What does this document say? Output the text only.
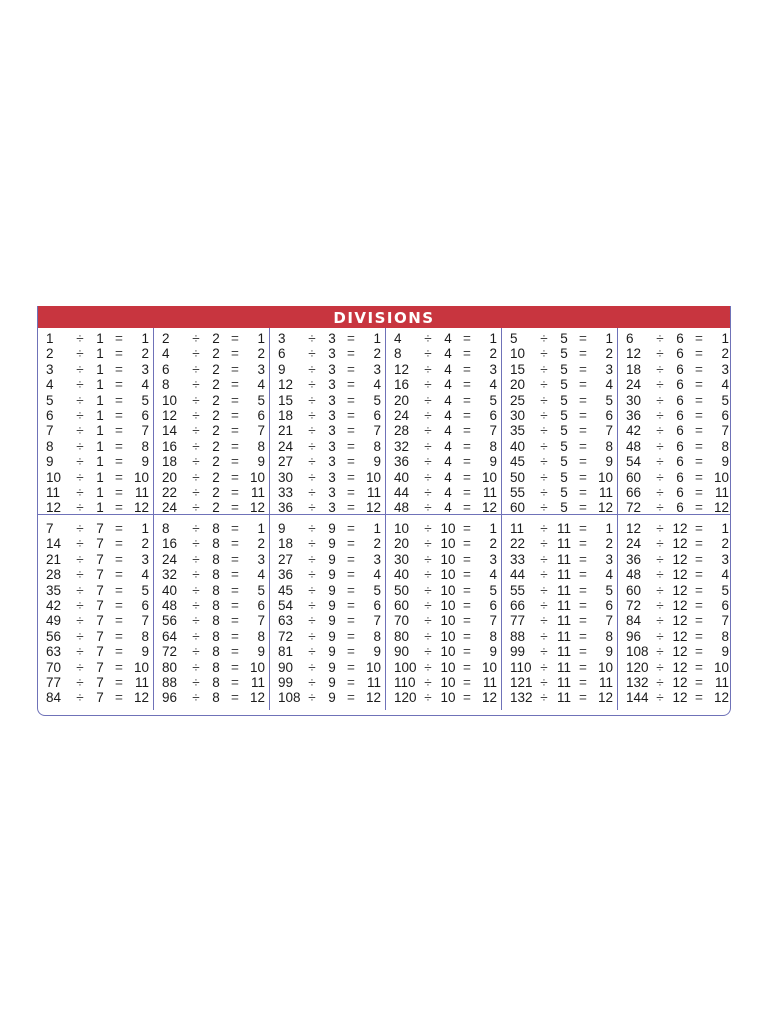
DIVISIONS
1	÷ 1 =	1
2	÷ 1 =	2
3	÷ 1 =	3
4	÷ 1 =	4
5	÷ 1 =	5
6	÷ 1 =	6
7	÷ 1 =	7
8	÷ 1 =	8
9	÷ 1 =	9
10	÷ 1 = 10
11	÷ 1 = 11
12	÷ 1 = 12
2	÷ 2 =	1
4	÷ 2 =	2
6	÷ 2 =	3
8	÷ 2 =	4
10	÷ 2 =	5
12	÷ 2 =	6
14	÷ 2 =	7
16	÷ 2 =	8
18	÷ 2 =	9
20	÷ 2 = 10
22	÷ 2 = 11
24	÷ 2 = 12
3	÷ 3 =	1
6	÷ 3 =	2
9	÷ 3 =	3
12	÷ 3 =	4
15	÷ 3 =	5
18	÷ 3 =	6
21	÷ 3 =	7
24	÷ 3 =	8
27	÷ 3 =	9
30	÷ 3 = 10
33	÷ 3 = 11
36	÷ 3 = 12
4	÷ 4 =	1
8	÷ 4 =	2
12	÷ 4 =	3
16	÷ 4 =	4
20	÷ 4 =	5
24	÷ 4 =	6
28	÷ 4 =	7
32	÷ 4 =	8
36	÷ 4 =	9
40	÷ 4 = 10
44	÷ 4 = 11
48	÷ 4 = 12
5	÷ 5 =	1
10	÷ 5 =	2
15	÷ 5 =	3
20	÷ 5 =	4
25	÷ 5 =	5
30	÷ 5 =	6
35	÷ 5 =	7
40	÷ 5 =	8
45	÷ 5 =	9
50	÷ 5 = 10
55	÷ 5 = 11
60	÷ 5 = 12
6	÷ 6 =	1
12	÷ 6 =	2
18	÷ 6 =	3
24	÷ 6 =	4
30	÷ 6 =	5
36	÷ 6 =	6
42	÷ 6 =	7
48	÷ 6 =	8
54	÷ 6 =	9
60	÷ 6 = 10
66	÷ 6 = 11
72	÷ 6 = 12
7	÷ 7 =	1
14	÷ 7 =	2
21	÷ 7 =	3
28	÷ 7 =	4
35	÷ 7 =	5
42	÷ 7 =	6
49	÷ 7 =	7
56	÷ 7 =	8
63	÷ 7 =	9
70	÷ 7 = 10
77	÷ 7 = 11
84	÷ 7 = 12
8	÷ 8 =	1
16	÷ 8 =	2
24	÷ 8 =	3
32	÷ 8 =	4
40	÷ 8 =	5
48	÷ 8 =	6
56	÷ 8 =	7
64	÷ 8 =	8
72	÷ 8 =	9
80	÷ 8 = 10
88	÷ 8 = 11
96	÷ 8 = 12
9	÷ 9 =	1
18	÷ 9 =	2
27	÷ 9 =	3
36	÷ 9 =	4
45	÷ 9 =	5
54	÷ 9 =	6
63	÷ 9 =	7
72	÷ 9 =	8
81	÷ 9 =	9
90	÷ 9 = 10
99	÷ 9 = 11
108 ÷ 9 = 12
10	÷ 10 =	1
20	÷ 10 =	2
30	÷ 10 =	3
40	÷ 10 =	4
50	÷ 10 =	5
60	÷ 10 =	6
70	÷ 10 =	7
80	÷ 10 =	8
90	÷ 10 =	9
100 ÷ 10 = 10
110 ÷ 10 = 11
120 ÷ 10 = 12
11	÷ 11 =	1
22	÷ 11 =	2
33	÷ 11 =	3
44	÷ 11 =	4
55	÷ 11 =	5
66	÷ 11 =	6
77	÷ 11 =	7
88	÷ 11 =	8
99	÷ 11 =	9
110 ÷ 11 = 10
121 ÷ 11 = 11
132 ÷ 11 = 12
12	÷ 12 =	1
24	÷ 12 =	2
36	÷ 12 =	3
48	÷ 12 =	4
60	÷ 12 =	5
72	÷ 12 =	6
84	÷ 12 =	7
96	÷ 12 =	8
108 ÷ 12 =	9
120 ÷ 12 = 10
132 ÷ 12 = 11
144 ÷ 12 = 12
